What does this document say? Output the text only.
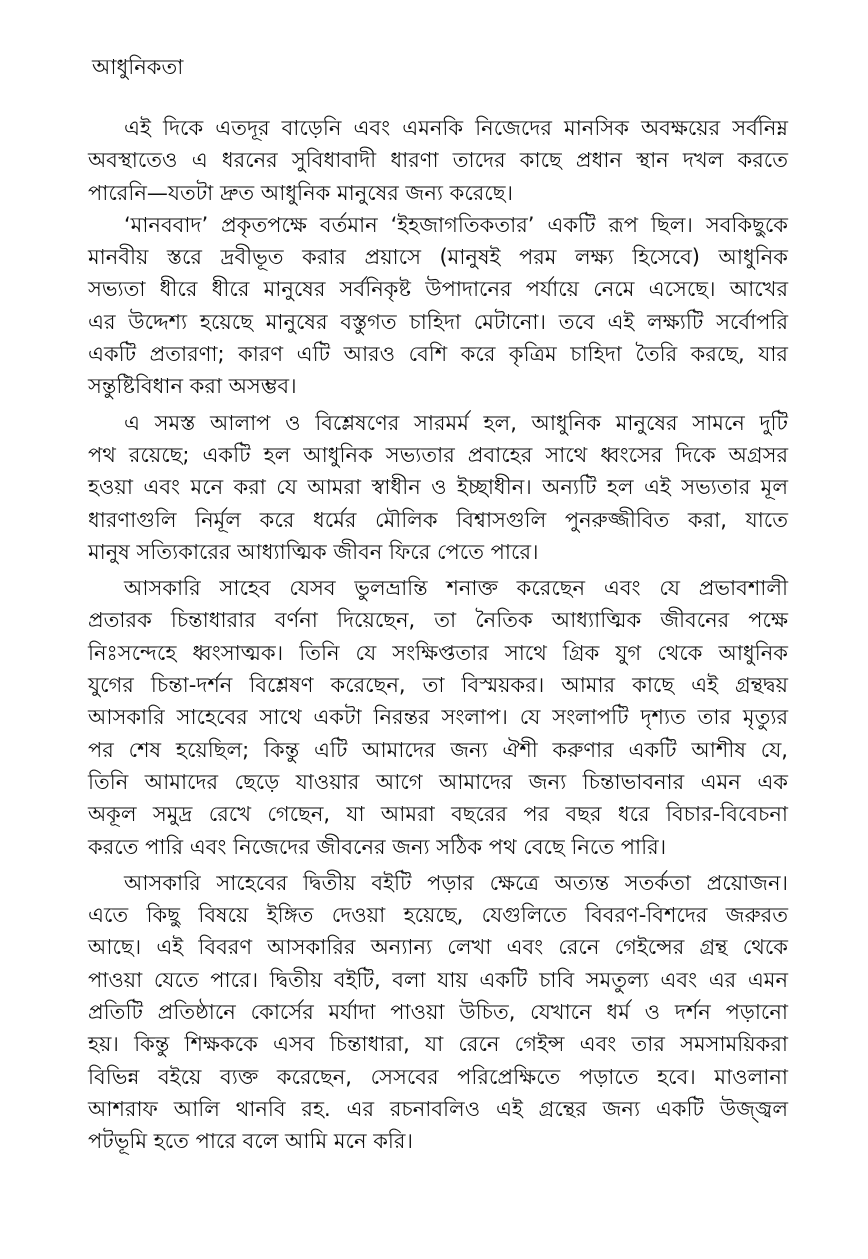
আধুনিকতা
এই দিকে এতদূর বাড়েনি এবং এমনকি নিজেদের মানসিক অবক্ষয়ের সর্বনিম্ন
অবস্থাতেও এ ধরনের সুবিধাবাদী ধারণা তাদের কাছে প্রধান স্থান দখল করতে
পারেনি—যতটা দ্রুত আধুনিক মানুষের জন্য করেছে।
‘মানববাদ’ প্রকৃতপক্ষে বর্তমান ‘ইহজাগতিকতার’ একটি রূপ ছিল। সবকিছুকে
মানবীয় স্তরে দ্রবীভূত করার প্রয়াসে (মানুষই পরম লক্ষ্য হিসেবে) আধুনিক
সভ্যতা ধীরে ধীরে মানুষের সর্বনিকৃষ্ট উপাদানের পর্যায়ে নেমে এসেছে। আখের
এর উদ্দেশ্য হয়েছে মানুষের বস্তুগত চাহিদা মেটানো। তবে এই লক্ষ্যটি সর্বোপরি
একটি প্রতারণা; কারণ এটি আরও বেশি করে কৃত্রিম চাহিদা তৈরি করছে, যার
সন্তুষ্টিবিধান করা অসম্ভব।
এ সমস্ত আলাপ ও বিশ্লেষণের সারমর্ম হল, আধুনিক মানুষের সামনে দুটি
পথ রয়েছে; একটি হল আধুনিক সভ্যতার প্রবাহের সাথে ধ্বংসের দিকে অগ্রসর
হওয়া এবং মনে করা যে আমরা স্বাধীন ও ইচ্ছাধীন। অন্যটি হল এই সভ্যতার মূল
ধারণাগুলি নির্মূল করে ধর্মের মৌলিক বিশ্বাসগুলি পুনরুজ্জীবিত করা, যাতে
মানুষ সত্যিকারের আধ্যাত্মিক জীবন ফিরে পেতে পারে।
আসকারি সাহেব যেসব ভুলভ্রান্তি শনাক্ত করেছেন এবং যে প্রভাবশালী
প্রতারক চিন্তাধারার বর্ণনা দিয়েছেন, তা নৈতিক আধ্যাত্মিক জীবনের পক্ষে
নিঃসন্দেহে ধ্বংসাত্মক। তিনি যে সংক্ষিপ্ততার সাথে গ্রিক যুগ থেকে আধুনিক
যুগের চিন্তা-দর্শন বিশ্লেষণ করেছেন, তা বিস্ময়কর। আমার কাছে এই গ্রন্থদ্বয়
আসকারি সাহেবের সাথে একটা নিরন্তর সংলাপ। যে সংলাপটি দৃশ্যত তার মৃত্যুর
পর শেষ হয়েছিল; কিন্তু এটি আমাদের জন্য ঐশী করুণার একটি আশীষ যে,
তিনি আমাদের ছেড়ে যাওয়ার আগে আমাদের জন্য চিন্তাভাবনার এমন এক
অকূল সমুদ্র রেখে গেছেন, যা আমরা বছরের পর বছর ধরে বিচার-বিবেচনা
করতে পারি এবং নিজেদের জীবনের জন্য সঠিক পথ বেছে নিতে পারি।
আসকারি সাহেবের দ্বিতীয় বইটি পড়ার ক্ষেত্রে অত্যন্ত সতর্কতা প্রয়োজন।
এতে কিছু বিষয়ে ইঙ্গিত দেওয়া হয়েছে, যেগুলিতে বিবরণ-বিশদের জরুরত
আছে। এই বিবরণ আসকারির অন্যান্য লেখা এবং রেনে গেইন্সের গ্রন্থ থেকে
পাওয়া যেতে পারে। দ্বিতীয় বইটি, বলা যায় একটি চাবি সমতুল্য এবং এর এমন
প্রতিটি প্রতিষ্ঠানে কোর্সের মর্যাদা পাওয়া উচিত, যেখানে ধর্ম ও দর্শন পড়ানো
হয়। কিন্তু শিক্ষককে এসব চিন্তাধারা, যা রেনে গেইন্স এবং তার সমসাময়িকরা
বিভিন্ন বইয়ে ব্যক্ত করেছেন, সেসবের পরিপ্রেক্ষিতে পড়াতে হবে। মাওলানা
আশরাফ আলি থানবি রহ. এর রচনাবলিও এই গ্রন্থের জন্য একটি উজ্জ্বল
পটভূমি হতে পারে বলে আমি মনে করি।
